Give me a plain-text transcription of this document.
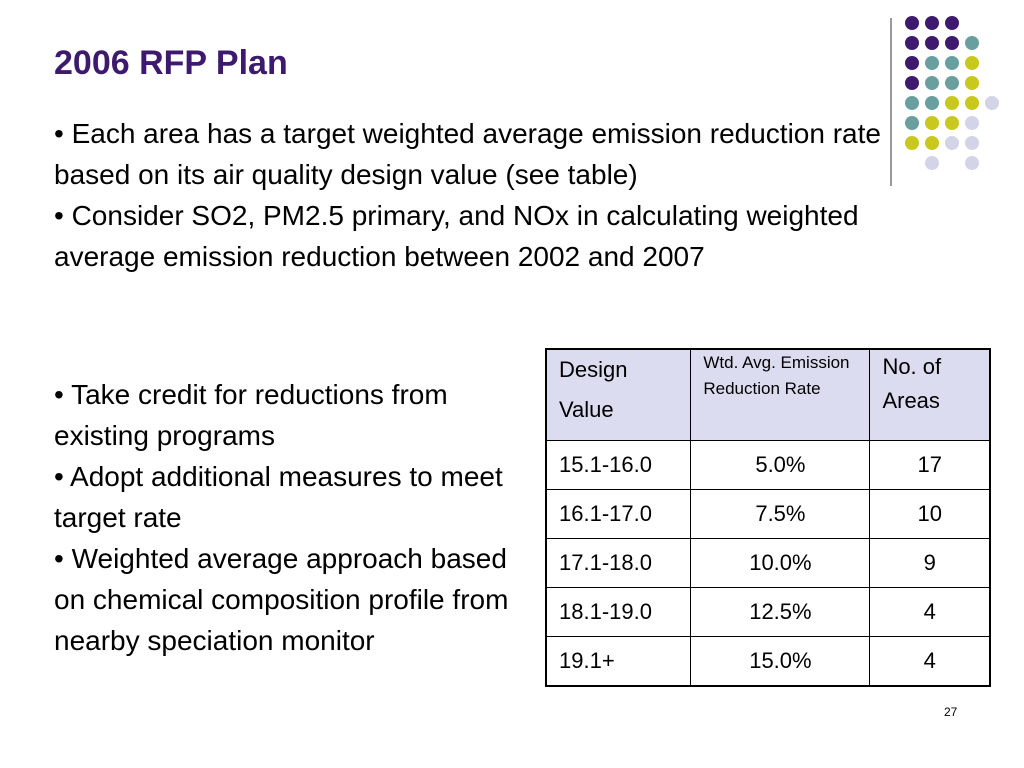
2006 RFP Plan

• Each area has a target weighted average emission reduction rate based on its air quality design value (see table)

• Consider SO2, PM2.5 primary, and NOx in calculating weighted average emission reduction between 2002 and 2007

• Take credit for reductions from existing programs

• Adopt additional measures to meet target rate

• Weighted average approach based on chemical composition profile from nearby speciation monitor

Design Value	Wtd. Avg. Emission Reduction Rate	No. of Areas
15.1-16.0	5.0%	17
16.1-17.0	7.5%	10
17.1-18.0	10.0%	9
18.1-19.0	12.5%	4
19.1+	15.0%	4
27
